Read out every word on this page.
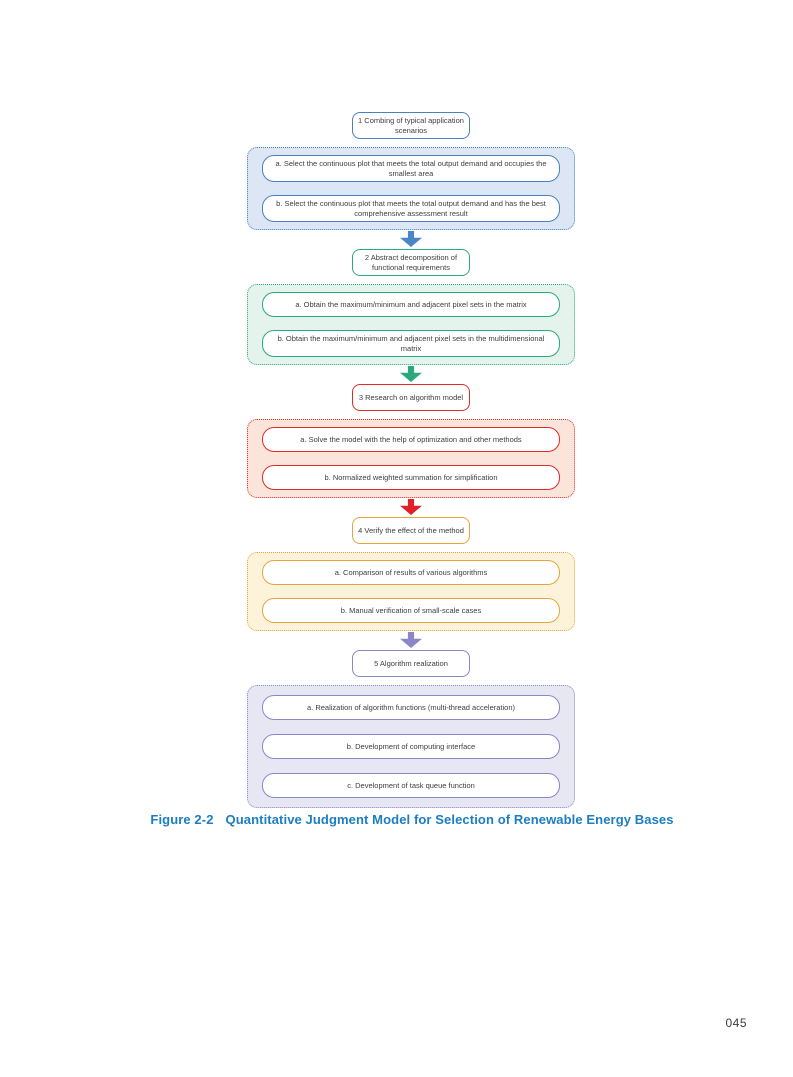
1 Combing of typical application scenarios
a. Select the continuous plot that meets the total output demand and occupies the smallest area
b. Select the continuous plot that meets the total output demand and has the best comprehensive assessment result
2 Abstract decomposition of functional requirements
a. Obtain the maximum/minimum and adjacent pixel sets in the matrix
b. Obtain the maximum/minimum and adjacent pixel sets in the multidimensional matrix
3 Research on algorithm model
a. Solve the model with the help of optimization and other methods
b. Normalized weighted summation for simplification
4 Verify the effect of the method
a. Comparison of results of various algorithms
b. Manual verification of small-scale cases
5 Algorithm realization
a. Realization of algorithm functions (multi-thread acceleration)
b. Development of computing interface
c. Development of task queue function
Figure 2-2 Quantitative Judgment Model for Selection of Renewable Energy Bases
045
